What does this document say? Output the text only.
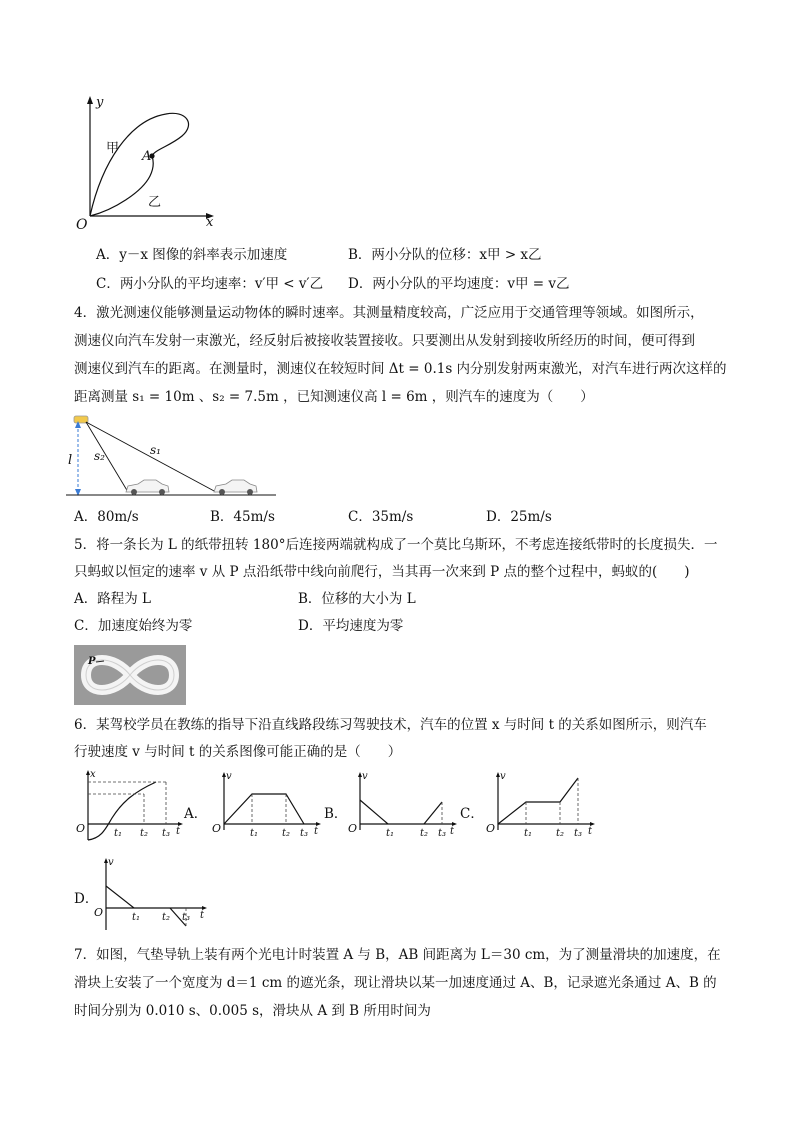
y
x
O
甲
乙
A
A．y－x 图像的斜率表示加速度	B．两小分队的位移：x甲 > x乙
C．两小分队的平均速率：v′甲 < v′乙 D．两小分队的平均速度：v甲 = v乙
4．激光测速仪能够测量运动物体的瞬时速率。其测量精度较高，广泛应用于交通管理等领域。如图所示，
测速仪向汽车发射一束激光，经反射后被接收装置接收。只要测出从发射到接收所经历的时间，便可得到
测速仪到汽车的距离。在测量时，测速仪在较短时间 Δt = 0.1s 内分别发射两束激光，对汽车进行两次这样的
距离测量 s₁ = 10m 、s₂ = 7.5m ，已知测速仪高 l = 6m ，则汽车的速度为（　　）
l s₂	s₁
A．80m/s	B．45m/s	C．35m/s	D．25m/s
5．将一条长为 L 的纸带扭转 180°后连接两端就构成了一个莫比乌斯环，不考虑连接纸带时的长度损失．一
只蚂蚁以恒定的速率 v 从 P 点沿纸带中线向前爬行，当其再一次来到 P 点的整个过程中，蚂蚁的(　　)
A．路程为 L	B．位移的大小为 L
C．加速度始终为零	D．平均速度为零
P
6．某驾校学员在教练的指导下沿直线路段练习驾驶技术，汽车的位置 x 与时间 t 的关系如图所示，则汽车
行驶速度 v 与时间 t 的关系图像可能正确的是（　　）
x
O	t
t₁ t₂ t₃
A．
v
O	t
t₁ t₂ t₃
B．
v
O	t
t₁	t₂ t₃
C．
v
O	t
t₁ t₂ t₃
D．
v
O	t
t₁ t₂ t₃
7．如图，气垫导轨上装有两个光电计时装置 A 与 B，AB 间距离为 L＝30 cm，为了测量滑块的加速度，在
滑块上安装了一个宽度为 d＝1 cm 的遮光条，现让滑块以某一加速度通过 A、B，记录遮光条通过 A、B 的
时间分别为 0.010 s、0.005 s，滑块从 A 到 B 所用时间为
